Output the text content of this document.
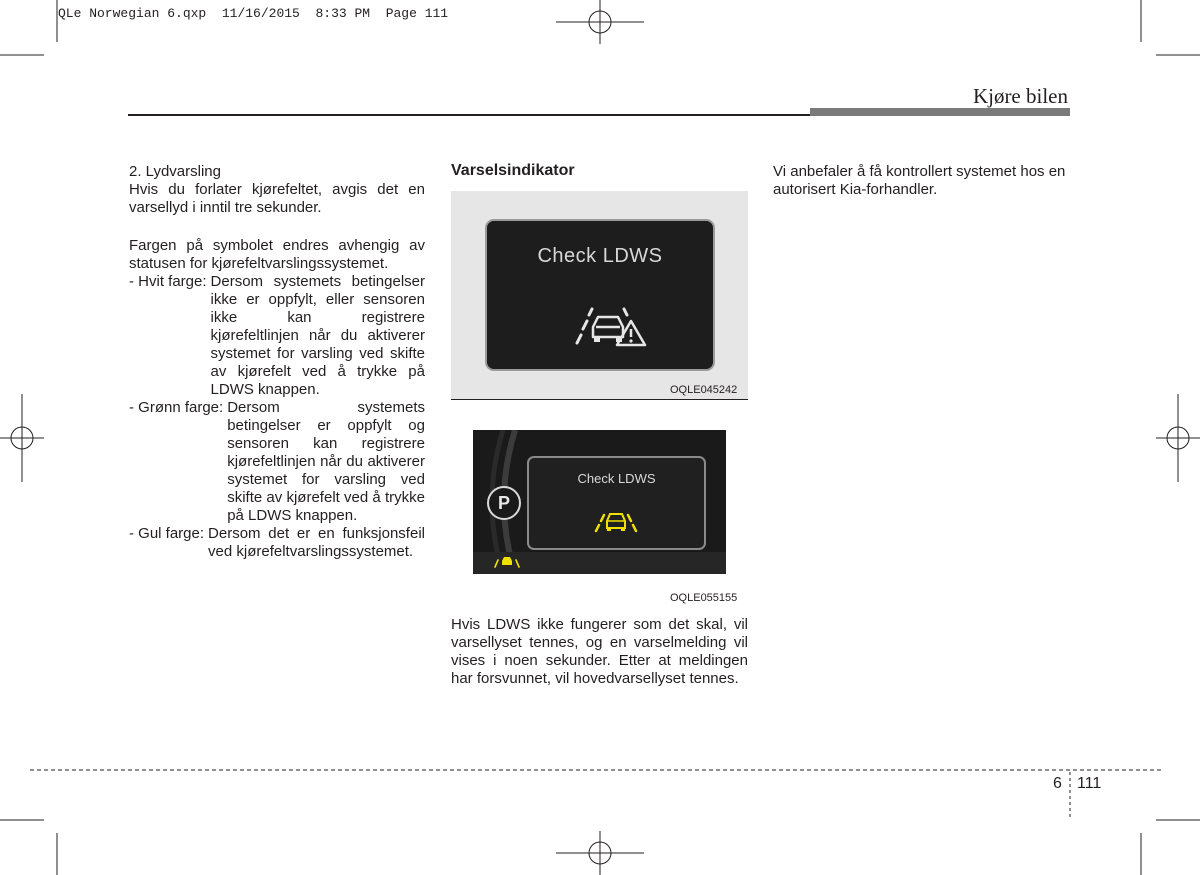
QLe Norwegian 6.qxp 11/16/2015 8:33 PM Page 111
Kjøre bilen

2. Lydvarsling

Hvis du forlater kjørefeltet, avgis det en varsellyd i inntil tre sekunder.

Fargen på symbolet endres avhengig av statusen for kjørefeltvarslingssystemet.

- Hvit farge: Dersom systemets betingelser ikke er oppfylt, eller sensoren ikke kan registrere kjørefeltlinjen når du aktiverer systemet for varsling ved skifte av kjørefelt ved å trykke på LDWS knappen.
- Grønn farge: Dersom systemets betingelser er oppfylt og sensoren kan registrere kjørefeltlinjen når du aktiverer systemet for varsling ved skifte av kjørefelt ved å trykke på LDWS knappen.
- Gul farge: Dersom det er en funksjonsfeil ved kjørefeltvarslingssystemet.
Varselsindikator
Check LDWS
OQLE045242
P
Check LDWS
OQLE055155
Hvis LDWS ikke fungerer som det skal, vil varsellyset tennes, og en varselmelding vil vises i noen sekunder. Etter at meldingen har forsvunnet, vil hovedvarsellyset tennes.
Vi anbefaler å få kontrollert systemet hos en autorisert Kia-forhandler.
6 111
